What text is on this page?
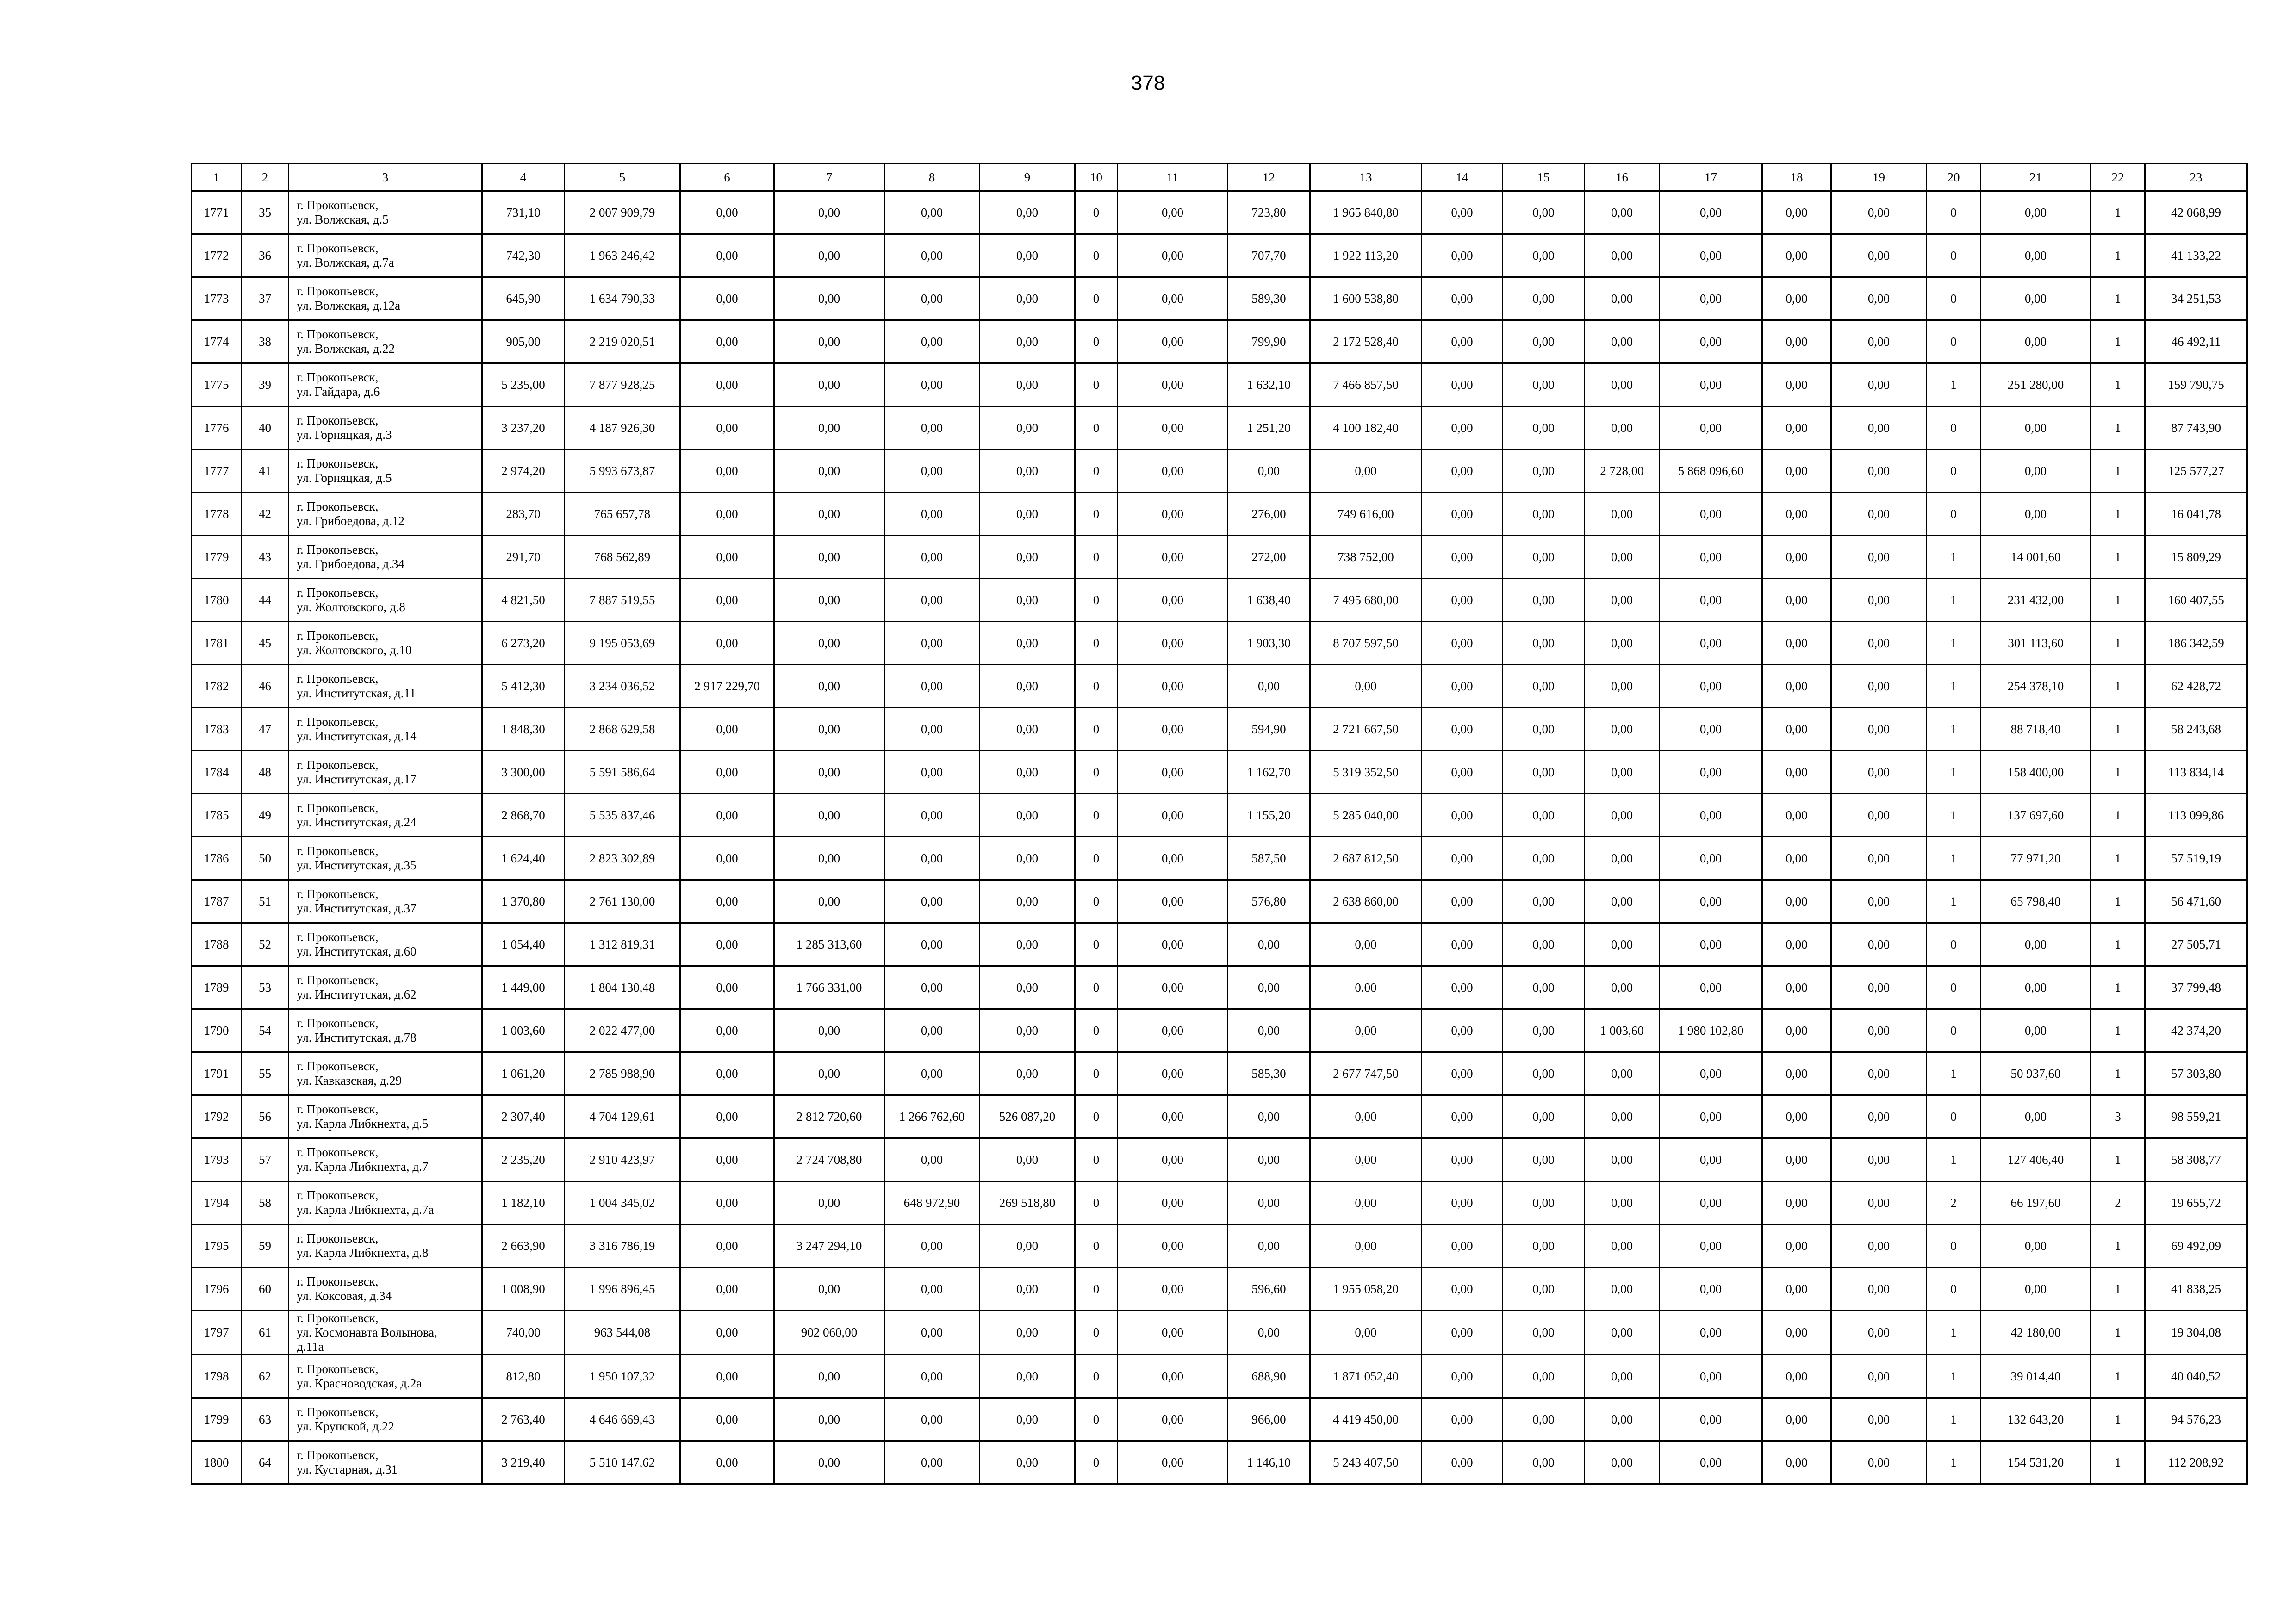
378
1	2	3	4	5	6	7	8	9	10	11	12	13	14	15	16	17	18	19	20	21	22	23
1771	35	г. Прокопьевск,
ул. Волжская, д.5	731,10	2 007 909,79	0,00	0,00	0,00	0,00	0	0,00	723,80	1 965 840,80	0,00	0,00	0,00	0,00	0,00	0,00	0	0,00	1	42 068,99
1772	36	г. Прокопьевск,
ул. Волжская, д.7а	742,30	1 963 246,42	0,00	0,00	0,00	0,00	0	0,00	707,70	1 922 113,20	0,00	0,00	0,00	0,00	0,00	0,00	0	0,00	1	41 133,22
1773	37	г. Прокопьевск,
ул. Волжская, д.12а	645,90	1 634 790,33	0,00	0,00	0,00	0,00	0	0,00	589,30	1 600 538,80	0,00	0,00	0,00	0,00	0,00	0,00	0	0,00	1	34 251,53
1774	38	г. Прокопьевск,
ул. Волжская, д.22	905,00	2 219 020,51	0,00	0,00	0,00	0,00	0	0,00	799,90	2 172 528,40	0,00	0,00	0,00	0,00	0,00	0,00	0	0,00	1	46 492,11
1775	39	г. Прокопьевск,
ул. Гайдара, д.6	5 235,00	7 877 928,25	0,00	0,00	0,00	0,00	0	0,00	1 632,10	7 466 857,50	0,00	0,00	0,00	0,00	0,00	0,00	1	251 280,00	1	159 790,75
1776	40	г. Прокопьевск,
ул. Горняцкая, д.3	3 237,20	4 187 926,30	0,00	0,00	0,00	0,00	0	0,00	1 251,20	4 100 182,40	0,00	0,00	0,00	0,00	0,00	0,00	0	0,00	1	87 743,90
1777	41	г. Прокопьевск,
ул. Горняцкая, д.5	2 974,20	5 993 673,87	0,00	0,00	0,00	0,00	0	0,00	0,00	0,00	0,00	0,00	2 728,00	5 868 096,60	0,00	0,00	0	0,00	1	125 577,27
1778	42	г. Прокопьевск,
ул. Грибоедова, д.12	283,70	765 657,78	0,00	0,00	0,00	0,00	0	0,00	276,00	749 616,00	0,00	0,00	0,00	0,00	0,00	0,00	0	0,00	1	16 041,78
1779	43	г. Прокопьевск,
ул. Грибоедова, д.34	291,70	768 562,89	0,00	0,00	0,00	0,00	0	0,00	272,00	738 752,00	0,00	0,00	0,00	0,00	0,00	0,00	1	14 001,60	1	15 809,29
1780	44	г. Прокопьевск,
ул. Жолтовского, д.8	4 821,50	7 887 519,55	0,00	0,00	0,00	0,00	0	0,00	1 638,40	7 495 680,00	0,00	0,00	0,00	0,00	0,00	0,00	1	231 432,00	1	160 407,55
1781	45	г. Прокопьевск,
ул. Жолтовского, д.10	6 273,20	9 195 053,69	0,00	0,00	0,00	0,00	0	0,00	1 903,30	8 707 597,50	0,00	0,00	0,00	0,00	0,00	0,00	1	301 113,60	1	186 342,59
1782	46	г. Прокопьевск,
ул. Институтская, д.11	5 412,30	3 234 036,52	2 917 229,70	0,00	0,00	0,00	0	0,00	0,00	0,00	0,00	0,00	0,00	0,00	0,00	0,00	1	254 378,10	1	62 428,72
1783	47	г. Прокопьевск,
ул. Институтская, д.14	1 848,30	2 868 629,58	0,00	0,00	0,00	0,00	0	0,00	594,90	2 721 667,50	0,00	0,00	0,00	0,00	0,00	0,00	1	88 718,40	1	58 243,68
1784	48	г. Прокопьевск,
ул. Институтская, д.17	3 300,00	5 591 586,64	0,00	0,00	0,00	0,00	0	0,00	1 162,70	5 319 352,50	0,00	0,00	0,00	0,00	0,00	0,00	1	158 400,00	1	113 834,14
1785	49	г. Прокопьевск,
ул. Институтская, д.24	2 868,70	5 535 837,46	0,00	0,00	0,00	0,00	0	0,00	1 155,20	5 285 040,00	0,00	0,00	0,00	0,00	0,00	0,00	1	137 697,60	1	113 099,86
1786	50	г. Прокопьевск,
ул. Институтская, д.35	1 624,40	2 823 302,89	0,00	0,00	0,00	0,00	0	0,00	587,50	2 687 812,50	0,00	0,00	0,00	0,00	0,00	0,00	1	77 971,20	1	57 519,19
1787	51	г. Прокопьевск,
ул. Институтская, д.37	1 370,80	2 761 130,00	0,00	0,00	0,00	0,00	0	0,00	576,80	2 638 860,00	0,00	0,00	0,00	0,00	0,00	0,00	1	65 798,40	1	56 471,60
1788	52	г. Прокопьевск,
ул. Институтская, д.60	1 054,40	1 312 819,31	0,00	1 285 313,60	0,00	0,00	0	0,00	0,00	0,00	0,00	0,00	0,00	0,00	0,00	0,00	0	0,00	1	27 505,71
1789	53	г. Прокопьевск,
ул. Институтская, д.62	1 449,00	1 804 130,48	0,00	1 766 331,00	0,00	0,00	0	0,00	0,00	0,00	0,00	0,00	0,00	0,00	0,00	0,00	0	0,00	1	37 799,48
1790	54	г. Прокопьевск,
ул. Институтская, д.78	1 003,60	2 022 477,00	0,00	0,00	0,00	0,00	0	0,00	0,00	0,00	0,00	0,00	1 003,60	1 980 102,80	0,00	0,00	0	0,00	1	42 374,20
1791	55	г. Прокопьевск,
ул. Кавказская, д.29	1 061,20	2 785 988,90	0,00	0,00	0,00	0,00	0	0,00	585,30	2 677 747,50	0,00	0,00	0,00	0,00	0,00	0,00	1	50 937,60	1	57 303,80
1792	56	г. Прокопьевск,
ул. Карла Либкнехта, д.5	2 307,40	4 704 129,61	0,00	2 812 720,60	1 266 762,60	526 087,20	0	0,00	0,00	0,00	0,00	0,00	0,00	0,00	0,00	0,00	0	0,00	3	98 559,21
1793	57	г. Прокопьевск,
ул. Карла Либкнехта, д.7	2 235,20	2 910 423,97	0,00	2 724 708,80	0,00	0,00	0	0,00	0,00	0,00	0,00	0,00	0,00	0,00	0,00	0,00	1	127 406,40	1	58 308,77
1794	58	г. Прокопьевск,
ул. Карла Либкнехта, д.7а	1 182,10	1 004 345,02	0,00	0,00	648 972,90	269 518,80	0	0,00	0,00	0,00	0,00	0,00	0,00	0,00	0,00	0,00	2	66 197,60	2	19 655,72
1795	59	г. Прокопьевск,
ул. Карла Либкнехта, д.8	2 663,90	3 316 786,19	0,00	3 247 294,10	0,00	0,00	0	0,00	0,00	0,00	0,00	0,00	0,00	0,00	0,00	0,00	0	0,00	1	69 492,09
1796	60	г. Прокопьевск,
ул. Коксовая, д.34	1 008,90	1 996 896,45	0,00	0,00	0,00	0,00	0	0,00	596,60	1 955 058,20	0,00	0,00	0,00	0,00	0,00	0,00	0	0,00	1	41 838,25
1797	61	г. Прокопьевск,
ул. Космонавта Волынова,
д.11а	740,00	963 544,08	0,00	902 060,00	0,00	0,00	0	0,00	0,00	0,00	0,00	0,00	0,00	0,00	0,00	0,00	1	42 180,00	1	19 304,08
1798	62	г. Прокопьевск,
ул. Красноводская, д.2а	812,80	1 950 107,32	0,00	0,00	0,00	0,00	0	0,00	688,90	1 871 052,40	0,00	0,00	0,00	0,00	0,00	0,00	1	39 014,40	1	40 040,52
1799	63	г. Прокопьевск,
ул. Крупской, д.22	2 763,40	4 646 669,43	0,00	0,00	0,00	0,00	0	0,00	966,00	4 419 450,00	0,00	0,00	0,00	0,00	0,00	0,00	1	132 643,20	1	94 576,23
1800	64	г. Прокопьевск,
ул. Кустарная, д.31	3 219,40	5 510 147,62	0,00	0,00	0,00	0,00	0	0,00	1 146,10	5 243 407,50	0,00	0,00	0,00	0,00	0,00	0,00	1	154 531,20	1	112 208,92
